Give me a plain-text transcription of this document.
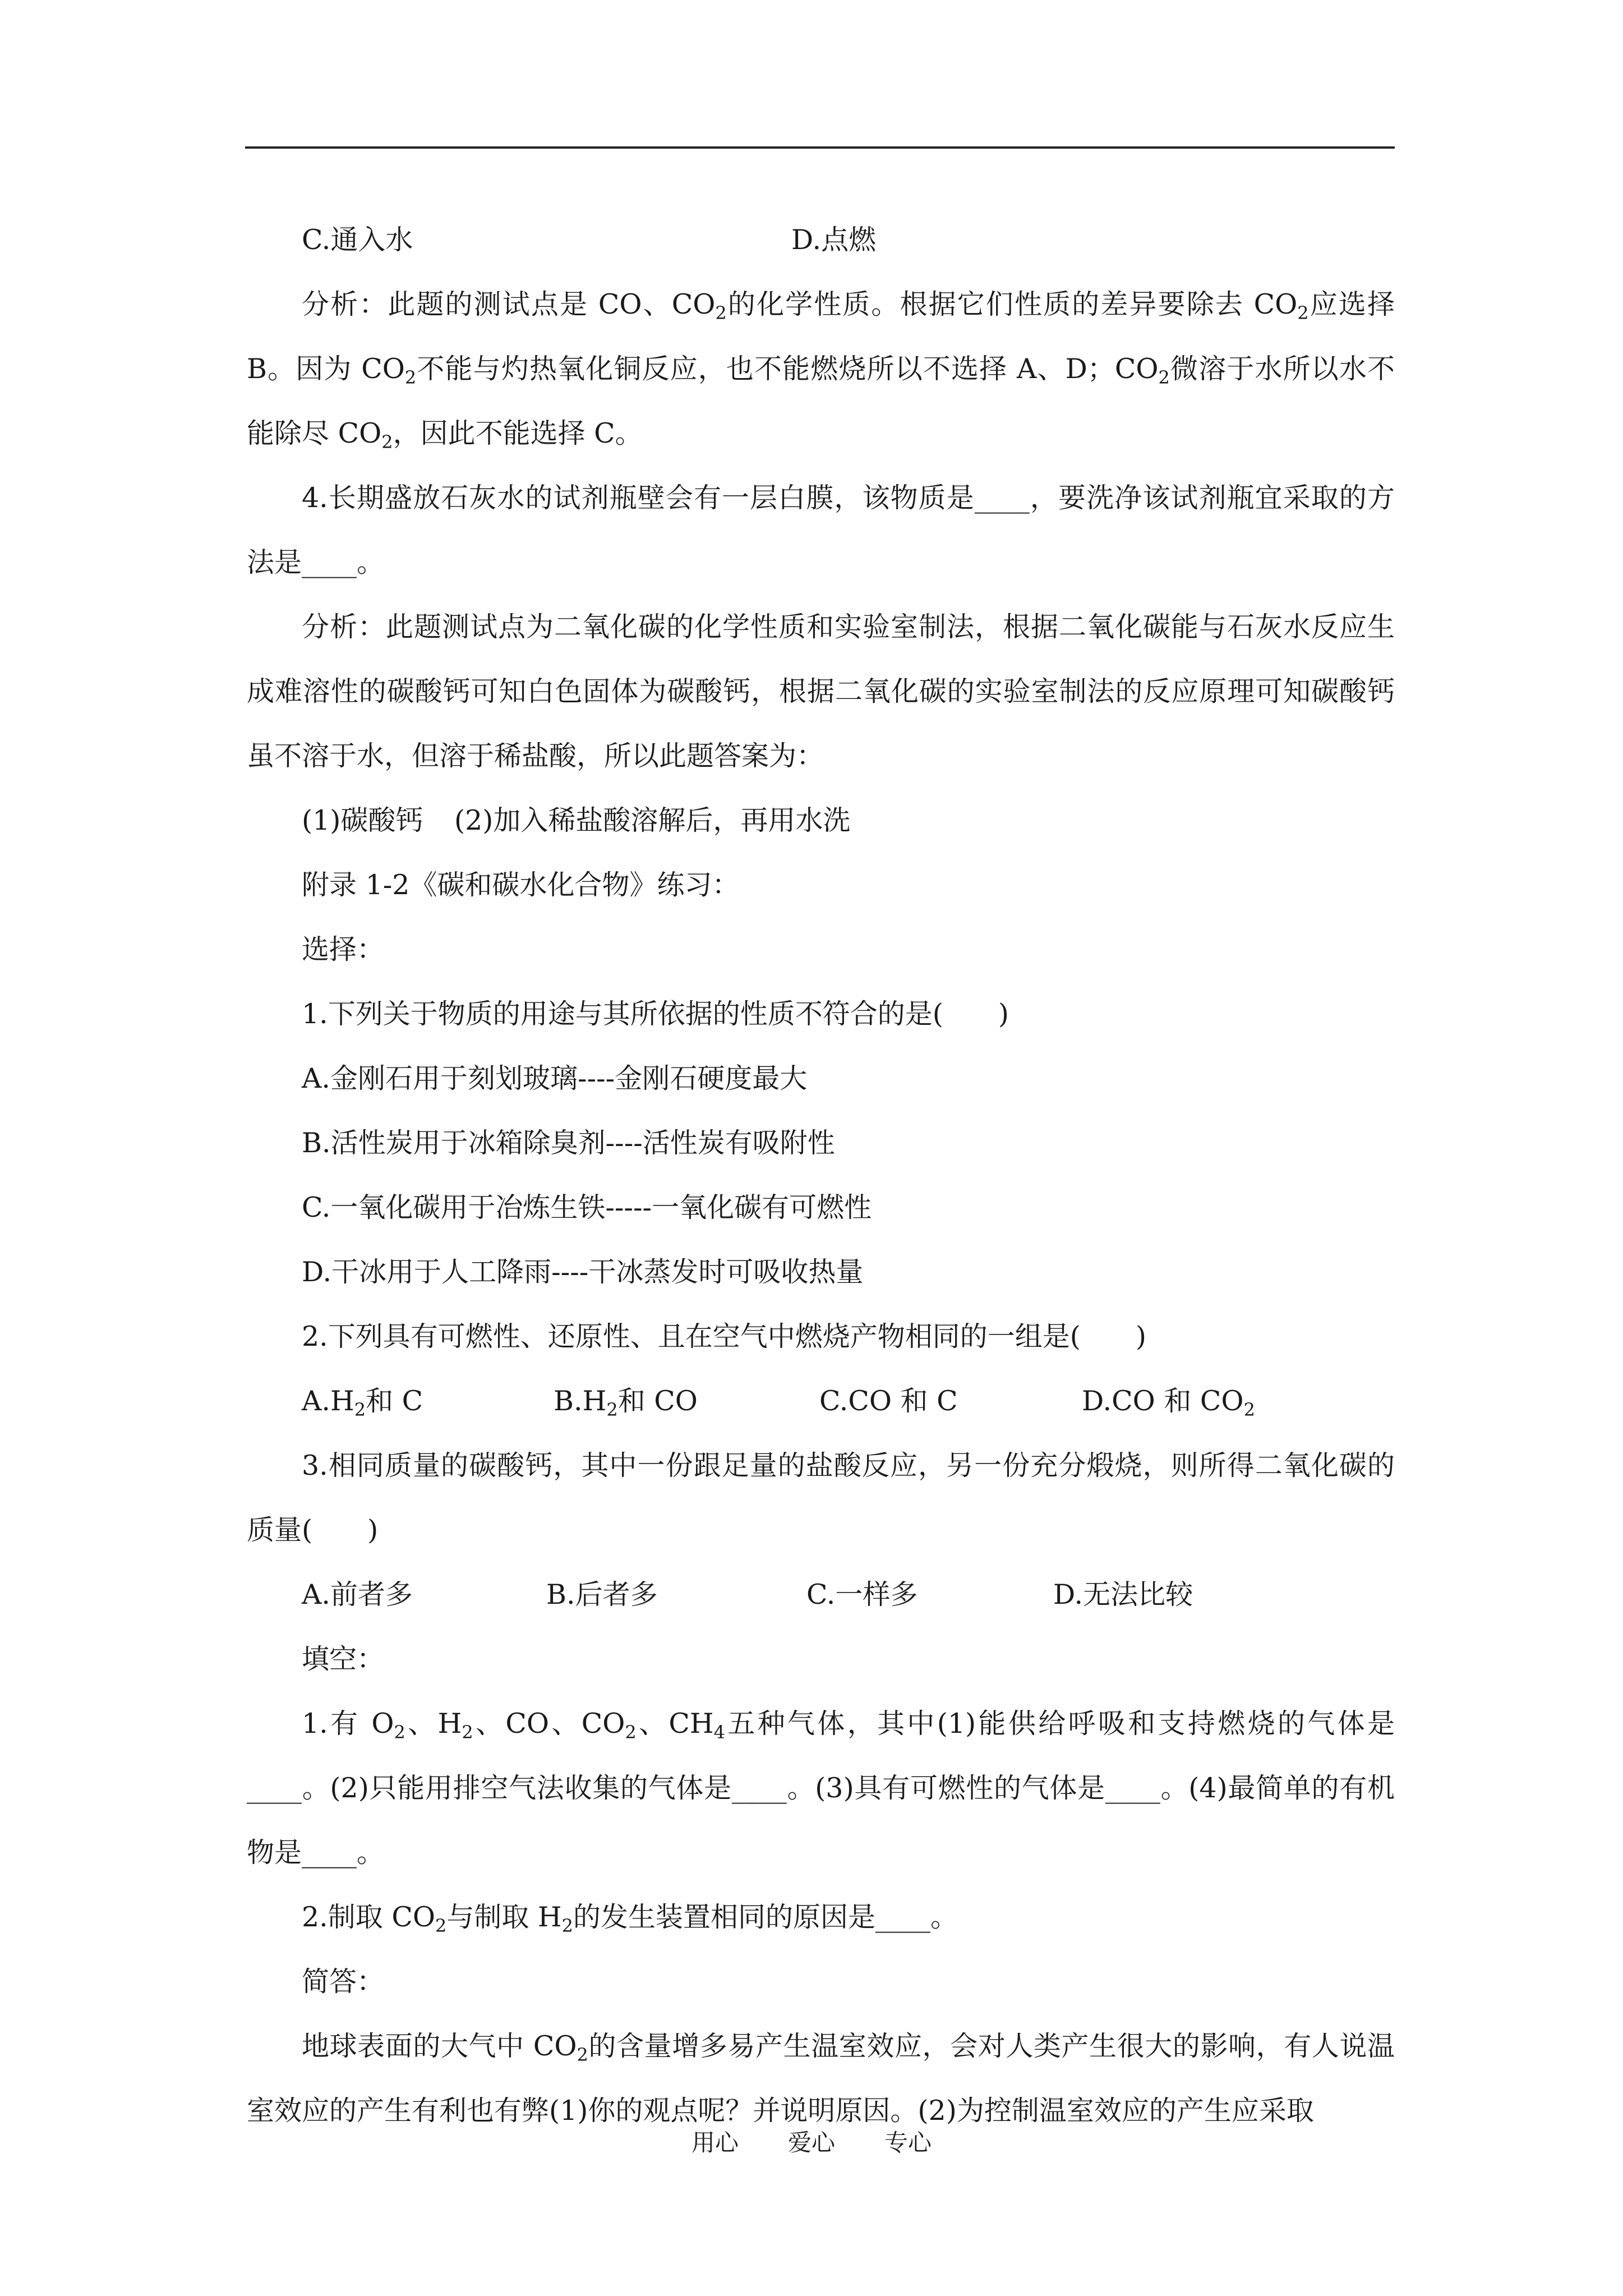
C.通入水	D.点燃

分析：此题的测试点是 CO、$CO_2$的化学性质。根据它们性质的差异要除去 $CO_2$应选择 B。因为 $CO_2$不能与灼热氧化铜反应，也不能燃烧所以不选择 A、D；$CO_2$微溶于水所以水不能除尽 $CO_2$，因此不能选择 C。

4.长期盛放石灰水的试剂瓶壁会有一层白膜，该物质是____，要洗净该试剂瓶宜采取的方法是____。

分析：此题测试点为二氧化碳的化学性质和实验室制法，根据二氧化碳能与石灰水反应生成难溶性的碳酸钙可知白色固体为碳酸钙，根据二氧化碳的实验室制法的反应原理可知碳酸钙虽不溶于水，但溶于稀盐酸，所以此题答案为：

(1)碳酸钙	(2)加入稀盐酸溶解后，再用水洗

附录 1-2《碳和碳水化合物》练习：

选择：

1.下列关于物质的用途与其所依据的性质不符合的是(　　)

A.金刚石用于刻划玻璃----金刚石硬度最大

B.活性炭用于冰箱除臭剂----活性炭有吸附性

C.一氧化碳用于冶炼生铁-----一氧化碳有可燃性

D.干冰用于人工降雨----干冰蒸发时可吸收热量

2.下列具有可燃性、还原性、且在空气中燃烧产物相同的一组是(　　)

$A.H_2$和 C	$B.H_2$和 CO	C.CO 和 C	D.CO 和 $CO_2$

3.相同质量的碳酸钙，其中一份跟足量的盐酸反应，另一份充分煅烧，则所得二氧化碳的质量(　　)

A.前者多	B.后者多	C.一样多	D.无法比较

填空：

1.有 $O_2$、$H_2$、CO、$CO_2$、$CH_4$五种气体，其中(1)能供给呼吸和支持燃烧的气体是____。(2)只能用排空气法收集的气体是____。(3)具有可燃性的气体是____。(4)最简单的有机物是____。

2.制取 $CO_2$与制取 $H_2$的发生装置相同的原因是____。

简答：

地球表面的大气中 $CO_2$的含量增多易产生温室效应，会对人类产生很大的影响，有人说温室效应的产生有利也有弊(1)你的观点呢？并说明原因。(2)为控制温室效应的产生应采取

用心 爱心 专心
